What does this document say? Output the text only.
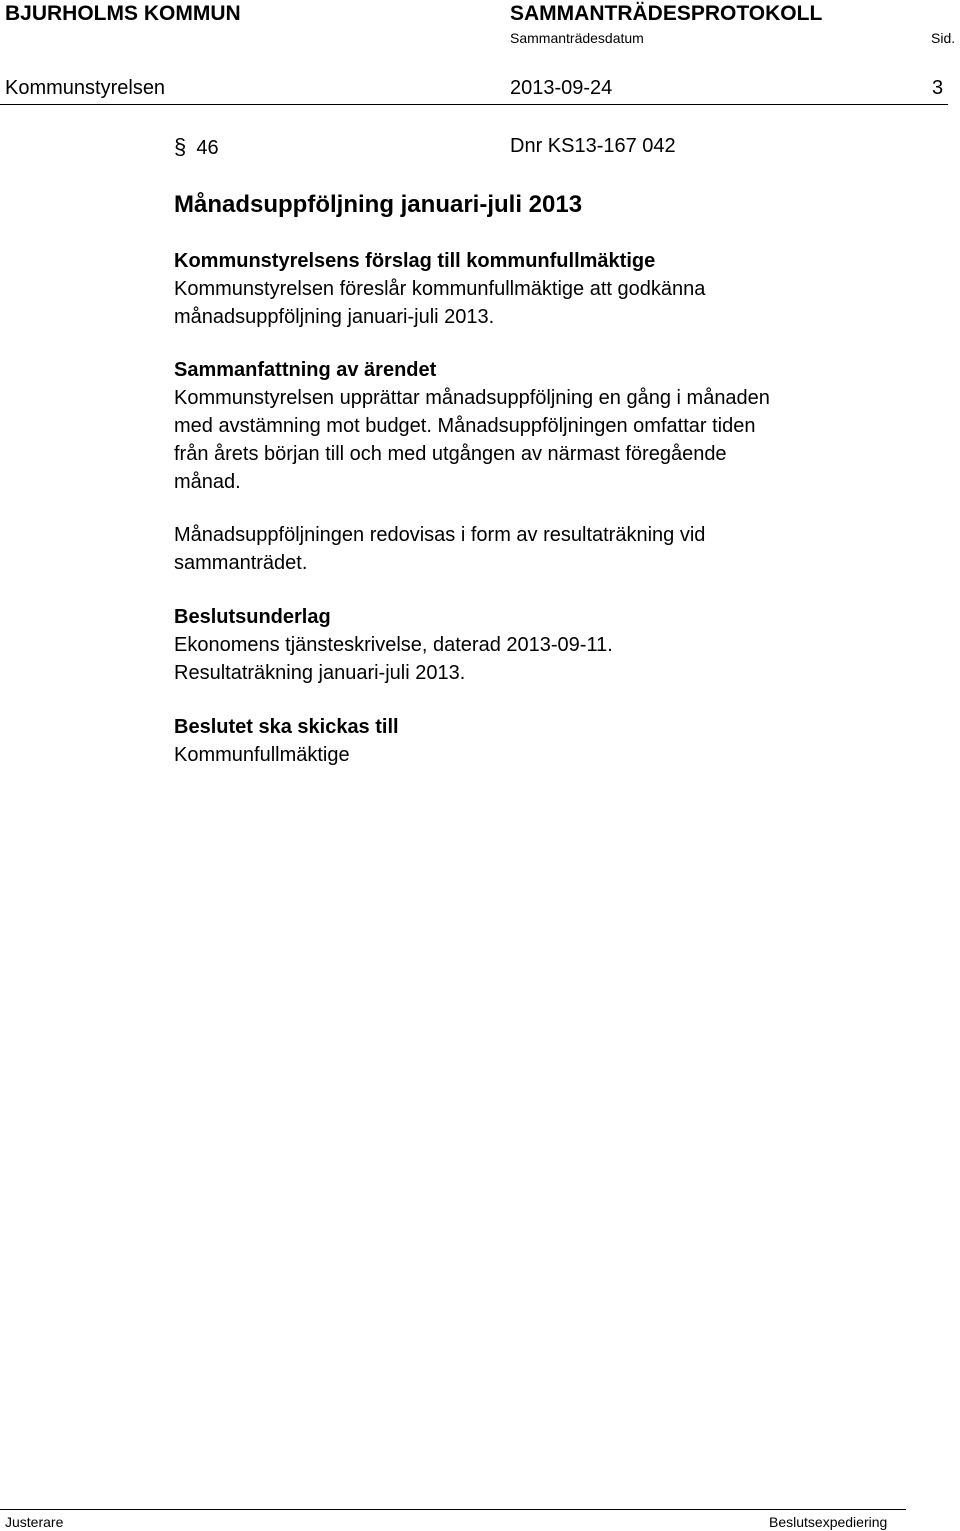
BJURHOLMS KOMMUN	SAMMANTRÄDESPROTOKOLL
Sammanträdesdatum	Sid.
Kommunstyrelsen	2013-09-24	3
§ 46	Dnr KS13-167 042
Månadsuppföljning januari-juli 2013
Kommunstyrelsens förslag till kommunfullmäktige
Kommunstyrelsen föreslår kommunfullmäktige att godkänna
månadsuppföljning januari-juli 2013.
Sammanfattning av ärendet
Kommunstyrelsen upprättar månadsuppföljning en gång i månaden
med avstämning mot budget. Månadsuppföljningen omfattar tiden
från årets början till och med utgången av närmast föregående
månad.
Månadsuppföljningen redovisas i form av resultaträkning vid
sammanträdet.
Beslutsunderlag
Ekonomens tjänsteskrivelse, daterad 2013-09-11.
Resultaträkning januari-juli 2013.
Beslutet ska skickas till
Kommunfullmäktige
Justerare	Beslutsexpediering
